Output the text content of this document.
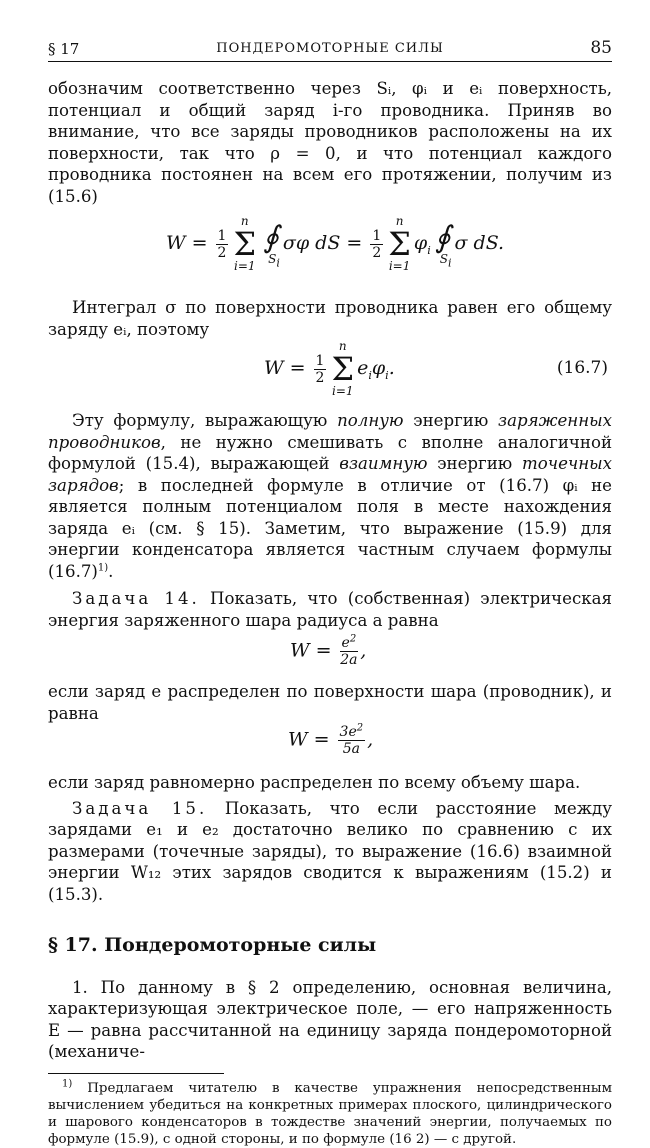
§ 17	ПОНДЕРОМОТОРНЫЕ СИЛЫ	85

обозначим соответственно через Sᵢ, φᵢ и eᵢ поверхность, потенциал и общий заряд i-го проводника. Приняв во внимание, что все заряды проводников расположены на их поверхности, так что ρ = 0, и что потенциал каждого проводника постоянен на всем его протяжении, получим из (15.6)

$W = \frac{1}{2}$
n
Σ
i=1
∮
$S_i$
σφ dS = $\frac{1}{2}$
n
Σ
i=1
$\varphi_i$ ∮
$S_i$
σ dS.

Интеграл σ по поверхности проводника равен его общему заряду eᵢ, поэтому

$W = \frac{1}{2}$
n
Σ
i=1
$e_i\varphi_i$.	(16.7)

Эту формулу, выражающую полную энергию заряженных проводников, не нужно смешивать с вполне аналогичной формулой (15.4), выражающей взаимную энергию точечных зарядов; в последней формуле в отличие от (16.7) φᵢ не является полным потенциалом поля в месте нахождения заряда eᵢ (см. § 15). Заметим, что выражение (15.9) для энергии конденсатора является частным случаем формулы $(16.7)^{1)}$.

Задача 14. Показать, что (собственная) электрическая энергия заряженного шара радиуса a равна

$W = \frac{e^2}{2a}$ ,

если заряд e распределен по поверхности шара (проводник), и равна

$W = \frac{3e^2}{5a}$ ,

если заряд равномерно распределен по всему объему шара.

Задача 15. Показать, что если расстояние между зарядами e₁ и e₂ достаточно велико по сравнению с их размерами (точечные заряды), то выражение (16.6) взаимной энергии W₁₂ этих зарядов сводится к выражениям (15.2) и (15.3).

§ 17. Пондеромоторные силы

1. По данному в § 2 определению, основная величина, характеризующая электрическое поле, — его напряженность E — равна рассчитанной на единицу заряда пондеромоторной (механиче-

$^{1)}$ Предлагаем читателю в качестве упражнения непосредственным вычислением убедиться на конкретных примерах плоского, цилиндрического и шарового конденсаторов в тождестве значений энергии, получаемых по формуле (15.9), с одной стороны, и по формуле (16 2) — с другой.
